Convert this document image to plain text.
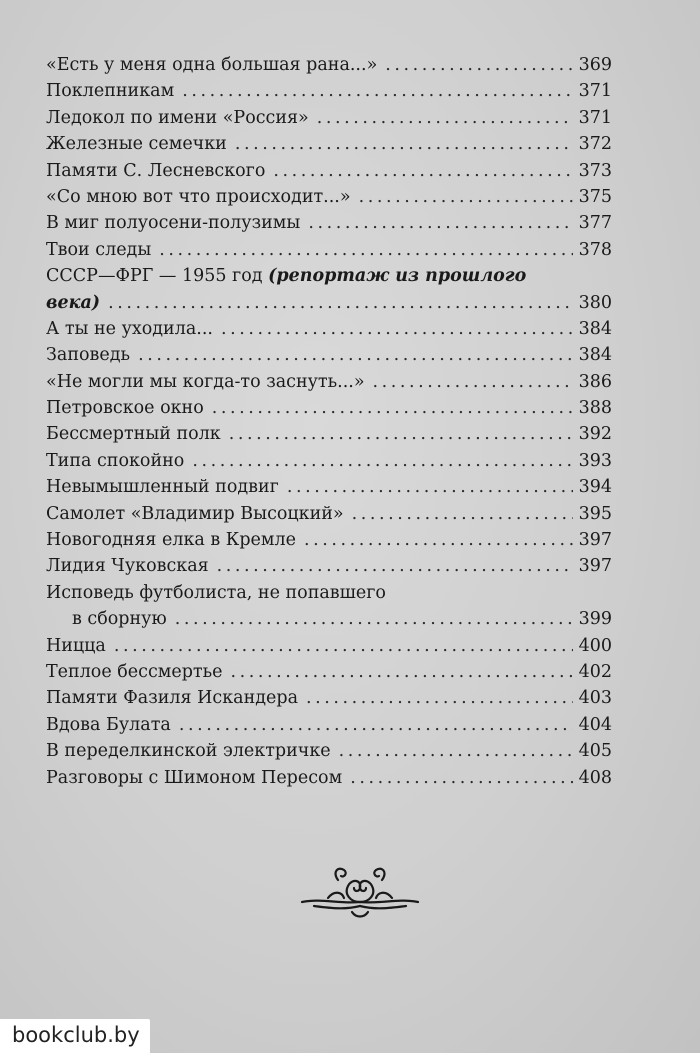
«Есть у меня одна большая рана...» . . .	369
Поклепникам . . .	371
Ледокол по имени «Россия» . . .	371
Железные семечки . . .	372
Памяти С. Лесневского . . .	373
«Со мною вот что происходит...» . . .	375
В миг полуосени-полузимы . . .	377
Твои следы . . .	378
СССР—ФРГ — 1955 год (репортаж из прошлого
века) . . .	380
А ты не уходила... . . .	384
Заповедь . . .	384
«Не могли мы когда-то заснуть...» . . .	386
Петровское окно . . .	388
Бессмертный полк . . .	392
Типа спокойно . . .	393
Невымышленный подвиг . . .	394
Самолет «Владимир Высоцкий» . . .	395
Новогодняя елка в Кремле . . .	397
Лидия Чуковская . . .	397
Исповедь футболиста, не попавшего
в сборную . . .	399
Ницца . . .	400
Теплое бессмертье . . .	402
Памяти Фазиля Искандера . . .	403
Вдова Булата . . .	404
В переделкинской электричке . . .	405
Разговоры с Шимоном Пересом . . .	408
bookclub.by
